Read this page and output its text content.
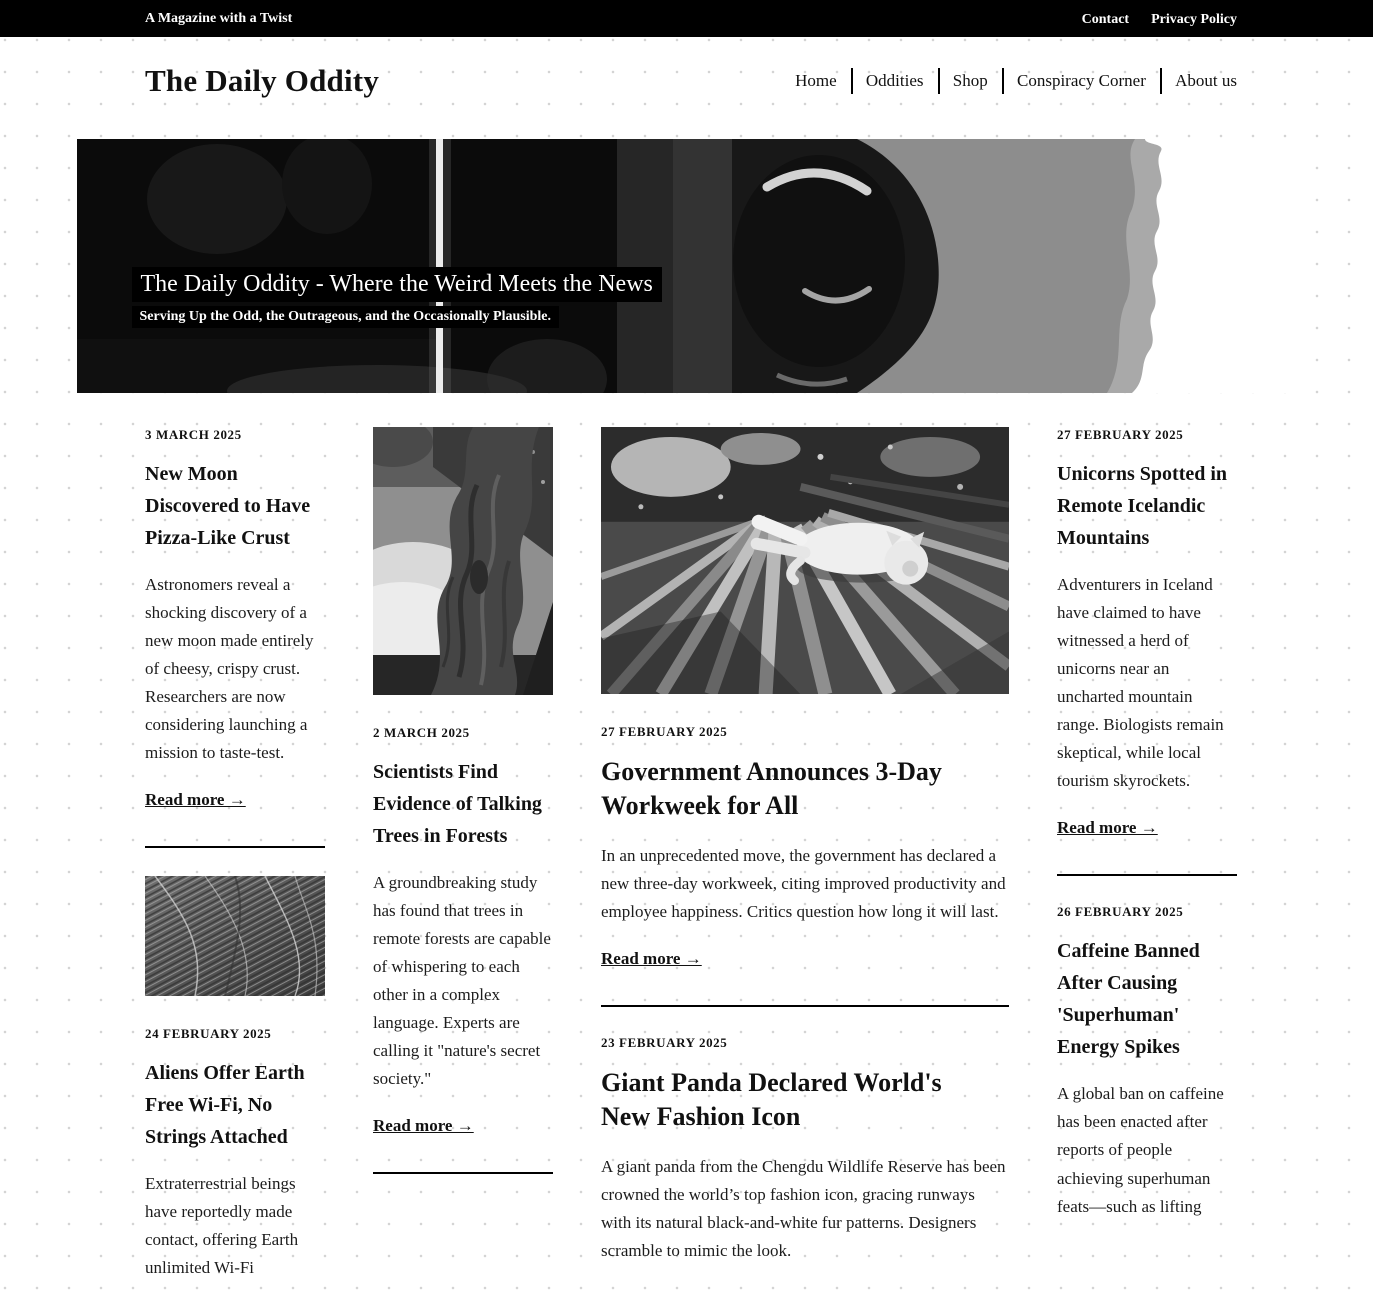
A Magazine with a Twist	Contact Privacy Policy
The Daily Oddity	Home Oddities Shop Conspiracy Corner About us
The Daily Oddity - Where the Weird Meets the News

Serving Up the Odd, the Outrageous, and the Occasionally Plausible.

3 MARCH 2025
New Moon Discovered to Have Pizza-Like Crust

Astronomers reveal a shocking discovery of a new moon made entirely of cheesy, crispy crust. Researchers are now considering launching a mission to taste-test.

Read more →
24 FEBRUARY 2025
Aliens Offer Earth Free Wi-Fi, No Strings Attached

Extraterrestrial beings have reportedly made contact, offering Earth unlimited Wi-Fi

2 MARCH 2025
Scientists Find Evidence of Talking Trees in Forests

A groundbreaking study has found that trees in remote forests are capable of whispering to each other in a complex language. Experts are calling it "nature's secret society."

Read more →
27 FEBRUARY 2025
Government Announces 3-Day Workweek for All

In an unprecedented move, the government has declared a new three-day workweek, citing improved productivity and employee happiness. Critics question how long it will last.

Read more →
23 FEBRUARY 2025
Giant Panda Declared World's New Fashion Icon

A giant panda from the Chengdu Wildlife Reserve has been crowned the world’s top fashion icon, gracing runways with its natural black-and-white fur patterns. Designers scramble to mimic the look.

27 FEBRUARY 2025
Unicorns Spotted in Remote Icelandic Mountains

Adventurers in Iceland have claimed to have witnessed a herd of unicorns near an uncharted mountain range. Biologists remain skeptical, while local tourism skyrockets.

Read more →
26 FEBRUARY 2025
Caffeine Banned After Causing 'Superhuman' Energy Spikes

A global ban on caffeine has been enacted after reports of people achieving superhuman feats—such as lifting
